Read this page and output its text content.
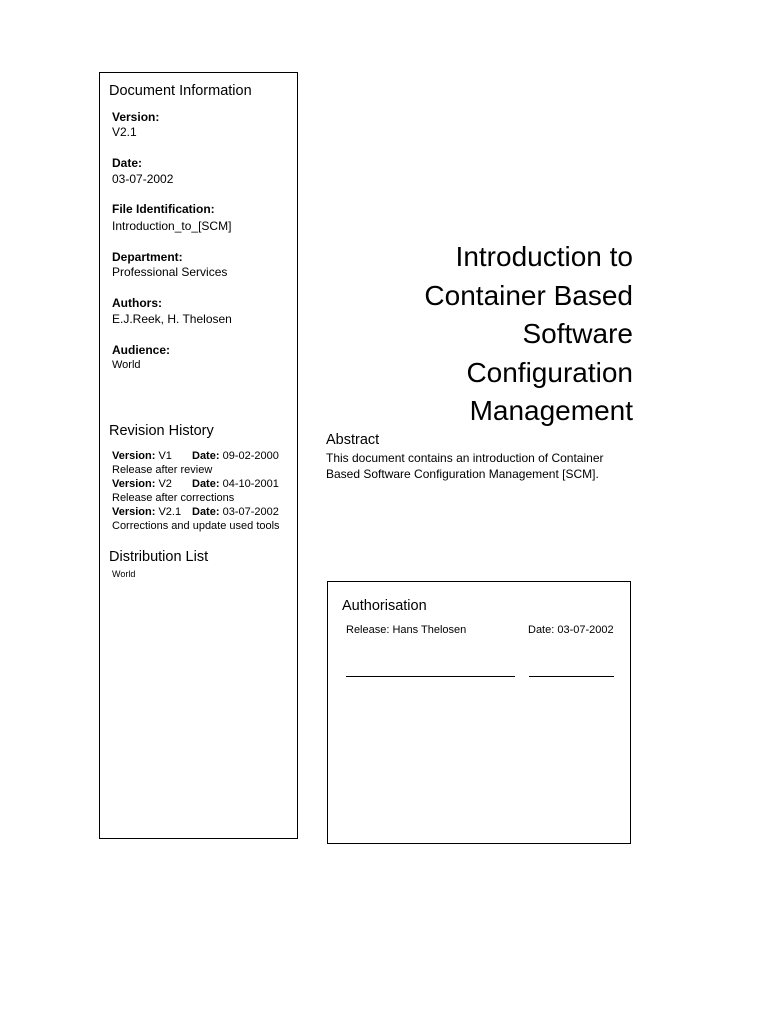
Document Information
Version:
V2.1
Date:
03-07-2002
File Identification:
Introduction_to_[SCM]
Department:
Professional Services
Authors:
E.J.Reek, H. Thelosen
Audience:
World
Revision History
Version: V1 Date: 09-02-2000
Release after review
Version: V2 Date: 04-10-2001
Release after corrections
Version: V2.1 Date: 03-07-2002
Corrections and update used tools
Distribution List
World
Introduction to
Container Based
Software
Configuration
Management
Abstract
This document contains an introduction of Container Based Software Configuration Management [SCM].
Authorisation
Release: Hans Thelosen	Date: 03-07-2002
